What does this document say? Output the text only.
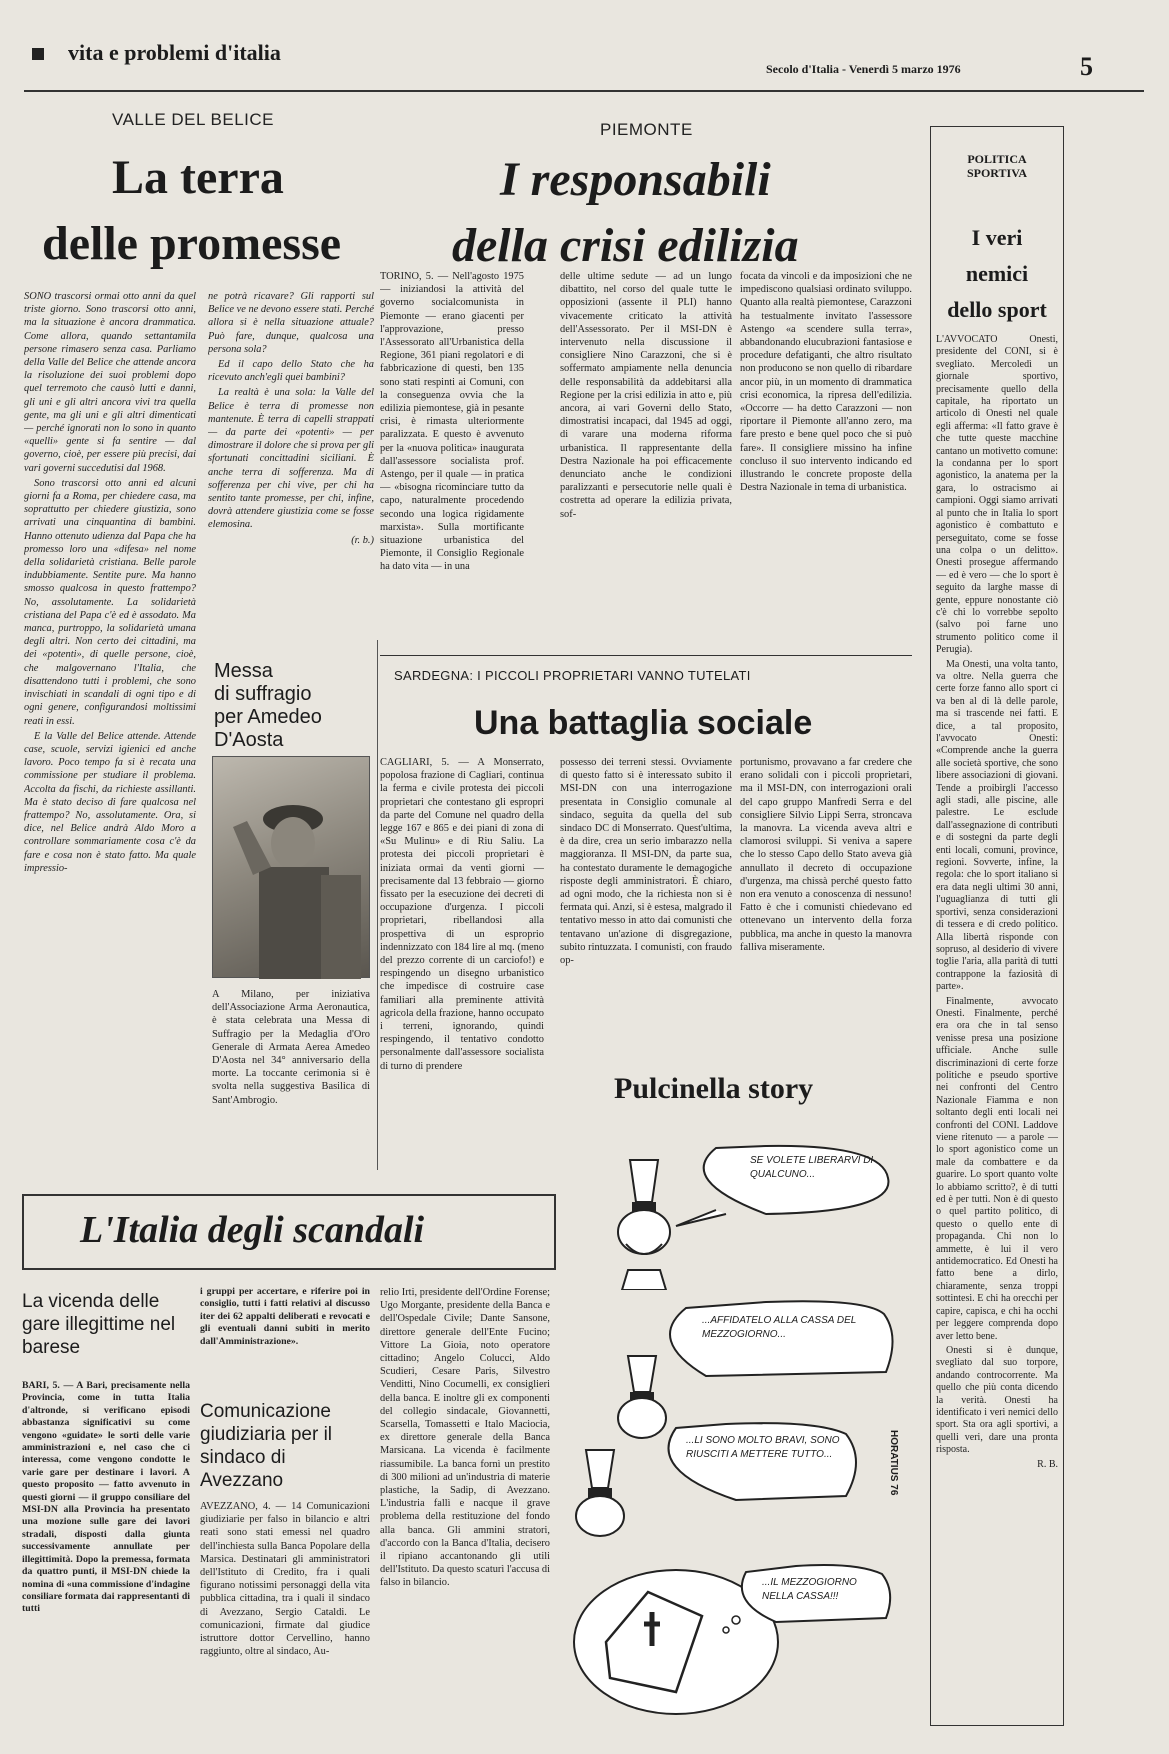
vita e problemi d'italia
Secolo d'Italia - Venerdì 5 marzo 1976	5
VALLE DEL BELICE
La terra
delle promesse

SONO trascorsi ormai otto anni da quel triste giorno. Sono trascorsi otto anni, ma la situazione è ancora drammatica. Come allora, quando settantamila persone rimasero senza casa. Parliamo della Valle del Belice che attende ancora la risoluzione dei suoi problemi dopo quel terremoto che causò lutti e danni, gli uni e gli altri ancora vivi tra quella gente, ma gli uni e gli altri dimenticati — perché ignorati non lo sono in quanto «quelli» gente si fa sentire — dal governo, cioè, per essere più precisi, dai vari governi succedutisi dal 1968.

Sono trascorsi otto anni ed alcuni giorni fa a Roma, per chiedere casa, ma soprattutto per chiedere giustizia, sono arrivati una cinquantina di bambini. Hanno ottenuto udienza dal Papa che ha promesso loro una «difesa» nel nome della solidarietà cristiana. Belle parole indubbiamente. Sentite pure. Ma hanno smosso qualcosa in questo frattempo? No, assolutamente. La solidarietà cristiana del Papa c'è ed è assodato. Ma manca, purtroppo, la solidarietà umana degli altri. Non certo dei cittadini, ma dei «potenti», di quelle persone, cioè, che malgovernano l'Italia, che disattendono tutti i problemi, che sono invischiati in scandali di ogni tipo e di ogni genere, configurandosi moltissimi reati in essi.

E la Valle del Belice attende. Attende case, scuole, servizi igienici ed anche lavoro. Poco tempo fa si è recata una commissione per studiare il problema. Accolta da fischi, da richieste assillanti. Ma è stato deciso di fare qualcosa nel frattempo? No, assolutamente. Ora, si dice, nel Belice andrà Aldo Moro a controllare sommariamente cosa c'è da fare e cosa non è stato fatto. Ma quale impressio-

ne potrà ricavare? Gli rapporti sul Belice ve ne devono essere stati. Perché allora si è nella situazione attuale? Può fare, dunque, qualcosa una persona sola?

Ed il capo dello Stato che ha ricevuto anch'egli quei bambini?

La realtà è una sola: la Valle del Belice è terra di promesse non mantenute. È terra di capelli strappati — da parte dei «potenti» — per dimostrare il dolore che si prova per gli sfortunati concittadini siciliani. È anche terra di sofferenza. Ma di sofferenza per chi vive, per chi ha sentito tante promesse, per chi, infine, dovrà attendere giustizia come se fosse elemosina.

(r. b.)

Messa
di suffragio
per Amedeo
D'Aosta
A Milano, per iniziativa dell'Associazione Arma Aeronautica, è stata celebrata una Messa di Suffragio per la Medaglia d'Oro Generale di Armata Aerea Amedeo D'Aosta nel 34° anniversario della morte. La toccante cerimonia si è svolta nella suggestiva Basilica di Sant'Ambrogio.
PIEMONTE
I responsabili
della crisi edilizia
TORINO, 5. — Nell'agosto 1975 — iniziandosi la attività del governo socialcomunista in Piemonte — erano giacenti per l'approvazione, presso l'Assessorato all'Urbanistica della Regione, 361 piani regolatori e di fabbricazione di questi, ben 135 sono stati respinti ai Comuni, con la conseguenza ovvia che la edilizia piemontese, già in pesante crisi, è rimasta ulteriormente paralizzata. E questo è avvenuto per la «nuova politica» inaugurata dall'assessore socialista prof. Astengo, per il quale — in pratica — «bisogna ricominciare tutto da capo, naturalmente procedendo secondo una logica rigidamente marxista». Sulla mortificante situazione urbanistica del Piemonte, il Consiglio Regionale ha dato vita — in una
delle ultime sedute — ad un lungo dibattito, nel corso del quale tutte le opposizioni (assente il PLI) hanno vivacemente criticato la attività dell'Assessorato. Per il MSI-DN è intervenuto nella discussione il consigliere Nino Carazzoni, che si è soffermato ampiamente nella denuncia delle responsabilità da addebitarsi alla Regione per la crisi edilizia in atto e, più ancora, ai vari Governi dello Stato, dimostratisi incapaci, dal 1945 ad oggi, di varare una moderna riforma urbanistica. Il rappresentante della Destra Nazionale ha poi efficacemente denunciato anche le condizioni paralizzanti e persecutorie nelle quali è costretta ad operare la edilizia privata, sof-
focata da vincoli e da imposizioni che ne impediscono qualsiasi ordinato sviluppo. Quanto alla realtà piemontese, Carazzoni ha testualmente invitato l'assessore Astengo «a scendere sulla terra», abbandonando elucubrazioni fantasiose e procedure defatiganti, che altro risultato non producono se non quello di ribardare ancor più, in un momento di drammatica crisi economica, la ripresa dell'edilizia. «Occorre — ha detto Carazzoni — non riportare il Piemonte all'anno zero, ma fare presto e bene quel poco che si può fare». Il consigliere missino ha infine concluso il suo intervento indicando ed illustrando le concrete proposte della Destra Nazionale in tema di urbanistica.
SARDEGNA: I PICCOLI PROPRIETARI VANNO TUTELATI
Una battaglia sociale
CAGLIARI, 5. — A Monserrato, popolosa frazione di Cagliari, continua la ferma e civile protesta dei piccoli proprietari che contestano gli espropri da parte del Comune nel quadro della legge 167 e 865 e dei piani di zona di «Su Mulinu» e di Riu Saliu. La protesta dei piccoli proprietari è iniziata ormai da venti giorni — precisamente dal 13 febbraio — giorno fissato per la esecuzione dei decreti di occupazione d'urgenza. I piccoli proprietari, ribellandosi alla prospettiva di un esproprio indennizzato con 184 lire al mq. (meno del prezzo corrente di un carciofo!) e respingendo un disegno urbanistico che impedisce di costruire case familiari alla preminente attività agricola della frazione, hanno occupato i terreni, ignorando, quindi respingendo, il tentativo condotto personalmente dall'assessore socialista di turno di prendere
possesso dei terreni stessi. Ovviamente di questo fatto si è interessato subito il MSI-DN con una interrogazione presentata in Consiglio comunale al sindaco, seguita da quella del sub sindaco DC di Monserrato. Quest'ultima, è da dire, crea un serio imbarazzo nella maggioranza. Il MSI-DN, da parte sua, ha contestato duramente le demagogiche risposte degli amministratori. È chiaro, ad ogni modo, che la richiesta non si è fermata qui. Anzi, si è estesa, malgrado il tentativo messo in atto dai comunisti che tentavano un'azione di disgregazione, subito rintuzzata. I comunisti, con fraudo op-
portunismo, provavano a far credere che erano solidali con i piccoli proprietari, ma il MSI-DN, con interrogazioni orali del capo gruppo Manfredi Serra e del consigliere Silvio Lippi Serra, stroncava la manovra. La vicenda aveva altri e clamorosi sviluppi. Si veniva a sapere che lo stesso Capo dello Stato aveva già annullato il decreto di occupazione d'urgenza, ma chissà perché questo fatto non era venuto a conoscenza di nessuno! Fatto è che i comunisti chiedevano ed ottenevano un intervento della forza pubblica, ma anche in questo la manovra falliva miseramente.
Pulcinella story
SE VOLETE LIBERARVI DI QUALCUNO...
...AFFIDATELO ALLA CASSA DEL MEZZOGIORNO...
...LI SONO MOLTO BRAVI, SONO RIUSCITI A METTERE TUTTO...	HORATIUS 76
...IL MEZZOGIORNO NELLA CASSA!!!
POLITICA
SPORTIVA
I veri
nemici
dello sport

L'AVVOCATO Onesti, presidente del CONI, si è svegliato. Mercoledì un giornale sportivo, precisamente quello della capitale, ha riportato un articolo di Onesti nel quale egli afferma: «Il fatto grave è che tutte queste macchine cantano un motivetto comune: la condanna per lo sport agonistico, la anatema per la gara, lo ostracismo ai campioni. Oggi siamo arrivati al punto che in Italia lo sport agonistico è combattuto e perseguitato, come se fosse una colpa o un delitto». Onesti prosegue affermando — ed è vero — che lo sport è seguito da larghe masse di gente, eppure nonostante ciò c'è chi lo vorrebbe sepolto (salvo poi farne uno strumento politico come il Perugia).

Ma Onesti, una volta tanto, va oltre. Nella guerra che certe forze fanno allo sport ci va ben al di là delle parole, ma si trascende nei fatti. E dice, a tal proposito, l'avvocato Onesti: «Comprende anche la guerra alle società sportive, che sono libere associazioni di giovani. Tende a proibirgli l'accesso agli stadi, alle piscine, alle palestre. Le esclude dall'assegnazione di contributi e di sostegni da parte degli enti locali, comuni, province, regioni. Sovverte, infine, la regola: che lo sport italiano si era data negli ultimi 30 anni, l'uguaglianza di tutti gli sportivi, senza considerazioni di tessera e di credo politico. Alla libertà risponde con sopruso, al desiderio di vivere toglie l'aria, alla parità di tutti contrappone la faziosità di parte».

Finalmente, avvocato Onesti. Finalmente, perché era ora che in tal senso venisse presa una posizione ufficiale. Anche sulle discriminazioni di certe forze politiche e pseudo sportive nei confronti del Centro Nazionale Fiamma e non soltanto degli enti locali nei confronti del CONI. Laddove viene ritenuto — a parole — lo sport agonistico come un male da combattere e da guarire. Lo sport quanto volte lo abbiamo scritto?, è di tutti ed è per tutti. Non è di questo o quel partito politico, di questo o quello ente di propaganda. Chi non lo ammette, è lui il vero antidemocratico. Ed Onesti ha fatto bene a dirlo, chiaramente, senza troppi sottintesi. E chi ha orecchi per capire, capisca, e chi ha occhi per leggere comprenda dopo aver letto bene.

Onesti si è dunque, svegliato dal suo torpore, andando controcorrente. Ma quello che più conta dicendo la verità. Onesti ha identificato i veri nemici dello sport. Sta ora agli sportivi, a quelli veri, dare una pronta risposta.

R. B.

L'Italia degli scandali
La vicenda delle gare illegittime nel barese
BARI, 5. — A Bari, precisamente nella Provincia, come in tutta Italia d'altronde, si verificano episodi abbastanza significativi su come vengono «guidate» le sorti delle varie amministrazioni e, nel caso che ci interessa, come vengono condotte le varie gare per destinare i lavori. A questo proposito — fatto avvenuto in questi giorni — il gruppo consiliare del MSI-DN alla Provincia ha presentato una mozione sulle gare dei lavori stradali, disposti dalla giunta successivamente annullate per illegittimità. Dopo la premessa, formata da quattro punti, il MSI-DN chiede la nomina di «una commissione d'indagine consiliare formata dai rappresentanti di tutti
i gruppi per accertare, e riferire poi in consiglio, tutti i fatti relativi al discusso iter dei 62 appalti deliberati e revocati e gli eventuali danni subiti in merito dall'Amministrazione».
Comunicazione giudiziaria per il sindaco di Avezzano
AVEZZANO, 4. — 14 Comunicazioni giudiziarie per falso in bilancio e altri reati sono stati emessi nel quadro dell'inchiesta sulla Banca Popolare della Marsica. Destinatari gli amministratori dell'Istituto di Credito, fra i quali figurano notissimi personaggi della vita pubblica cittadina, tra i quali il sindaco di Avezzano, Sergio Cataldi. Le comunicazioni, firmate dal giudice istruttore dottor Cervellino, hanno raggiunto, oltre al sindaco, Au-
relio Irti, presidente dell'Ordine Forense; Ugo Morgante, presidente della Banca e dell'Ospedale Civile; Dante Sansone, direttore generale dell'Ente Fucino; Vittore La Gioia, noto operatore cittadino; Angelo Colucci, Aldo Scudieri, Cesare Paris, Silvestro Venditti, Nino Cocumelli, ex consiglieri della banca. E inoltre gli ex componenti del collegio sindacale, Giovannetti, Scarsella, Tomassetti e Italo Maciocia, ex direttore generale della Banca Marsicana. La vicenda è facilmente riassumibile. La banca fornì un prestito di 300 milioni ad un'industria di materie plastiche, la Sadip, di Avezzano. L'industria fallì e nacque il grave problema della restituzione del fondo alla banca. Gli ammini stratori, d'accordo con la Banca d'Italia, decisero il ripiano accantonando gli utili dell'Istituto. Da questo scaturì l'accusa di falso in bilancio.
